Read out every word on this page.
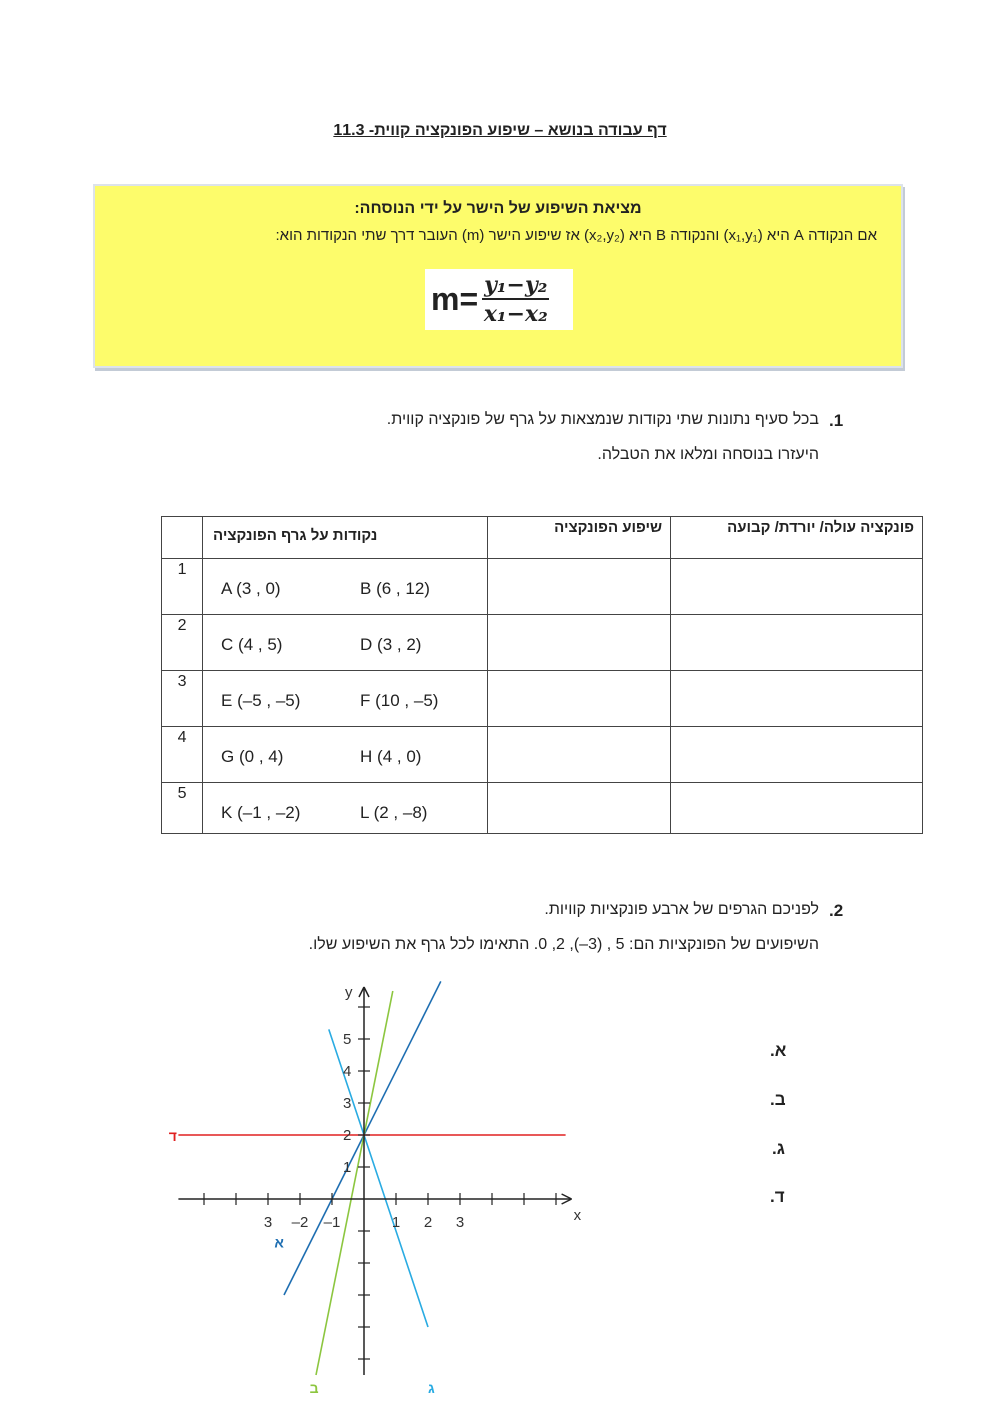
דף עבודה בנושא – שיפוע הפונקציה קווית- 11.3
מציאת השיפוע של הישר על ידי הנוסחה:
אם הנקודה A היא (x₁,y₁) והנקודה B היא (x₂,y₂) אז שיפוע הישר (m) העובר דרך שתי הנקודות הוא:
$m= \frac{\text{y₁−y₂}}{\text{x₁−x₂}}$
.1
בכל סעיף נתונות שתי נקודות שנמצאות על גרף של פונקציה קווית.
היעזרו בנוסחה ומלאו את הטבלה.

	נקודות על גרף הפונקציה	שיפוע הפונקציה	פונקציה עולה/ יורדת/ קבועה

1	A (3 , 0) B (6 , 12)		

2	C (4 , 5) D (3 , 2)		

3	E (–5 , –5) F (10 , –5)		

4	G (0 , 4) H (4 , 0)		

5	K (–1 , –2) L (2 , –8)		

.2
לפניכם הגרפים של ארבע פונקציות קוויות.
השיפועים של הפונקציות הם: 5 , (3–), 2, 0. התאימו לכל גרף את השיפוע שלו.
3 –2 –1	1 2 3
1
2
3
4
5
x
y
א
ב	ג
ד
א.
ב.
ג.
ד.
